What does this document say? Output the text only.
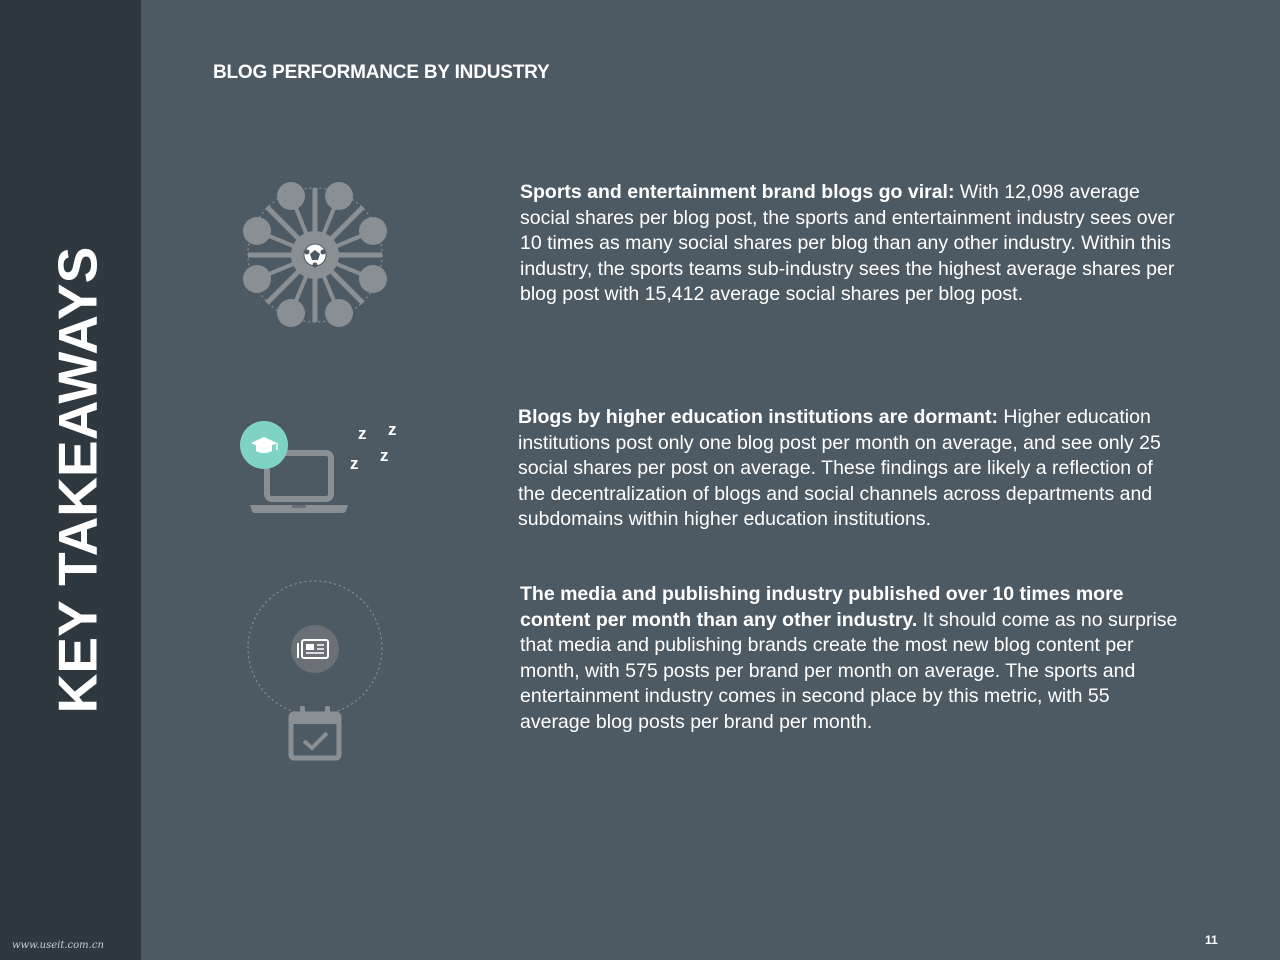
KEY TAKEAWAYS
www.useit.com.cn
BLOG PERFORMANCE BY INDUSTRY
Sports and entertainment brand blogs go viral: With 12,098 average social shares per blog post, the sports and entertainment industry sees over 10 times as many social shares per blog than any other industry. Within this industry, the sports teams sub-industry sees the highest average shares per blog post with 15,412 average social shares per blog post.
z z
z
z
Blogs by higher education institutions are dormant: Higher education institutions post only one blog post per month on average, and see only 25 social shares per post on average. These findings are likely a reflection of the decentralization of blogs and social channels across departments and subdomains within higher education institutions.
The media and publishing industry published over 10 times more content per month than any other industry. It should come as no surprise that media and publishing brands create the most new blog content per month, with 575 posts per brand per month on average. The sports and entertainment industry comes in second place by this metric, with 55 average blog posts per brand per month.
11
